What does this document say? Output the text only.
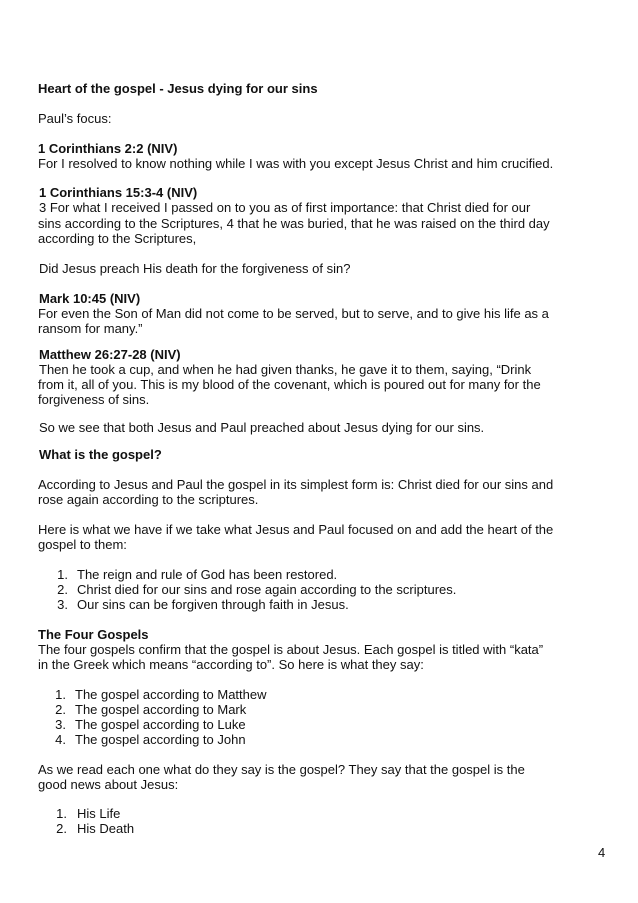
Heart of the gospel - Jesus dying for our sins
Paul’s focus:
1 Corinthians 2:2 (NIV)
For I resolved to know nothing while I was with you except Jesus Christ and him crucified.
1 Corinthians 15:3-4 (NIV)
3 For what I received I passed on to you as of first importance: that Christ died for our
sins according to the Scriptures, 4 that he was buried, that he was raised on the third day
according to the Scriptures,
Did Jesus preach His death for the forgiveness of sin?
Mark 10:45 (NIV)
For even the Son of Man did not come to be served, but to serve, and to give his life as a
ransom for many.”
Matthew 26:27-28 (NIV)
Then he took a cup, and when he had given thanks, he gave it to them, saying, “Drink
from it, all of you. This is my blood of the covenant, which is poured out for many for the
forgiveness of sins.
So we see that both Jesus and Paul preached about Jesus dying for our sins.
What is the gospel?
According to Jesus and Paul the gospel in its simplest form is: Christ died for our sins and
rose again according to the scriptures.
Here is what we have if we take what Jesus and Paul focused on and add the heart of the
gospel to them:
1. The reign and rule of God has been restored.
2. Christ died for our sins and rose again according to the scriptures.
3. Our sins can be forgiven through faith in Jesus.
The Four Gospels
The four gospels confirm that the gospel is about Jesus. Each gospel is titled with “kata”
in the Greek which means “according to”. So here is what they say:
1. The gospel according to Matthew
2. The gospel according to Mark
3. The gospel according to Luke
4. The gospel according to John
As we read each one what do they say is the gospel? They say that the gospel is the
good news about Jesus:
1. His Life
2. His Death
4
